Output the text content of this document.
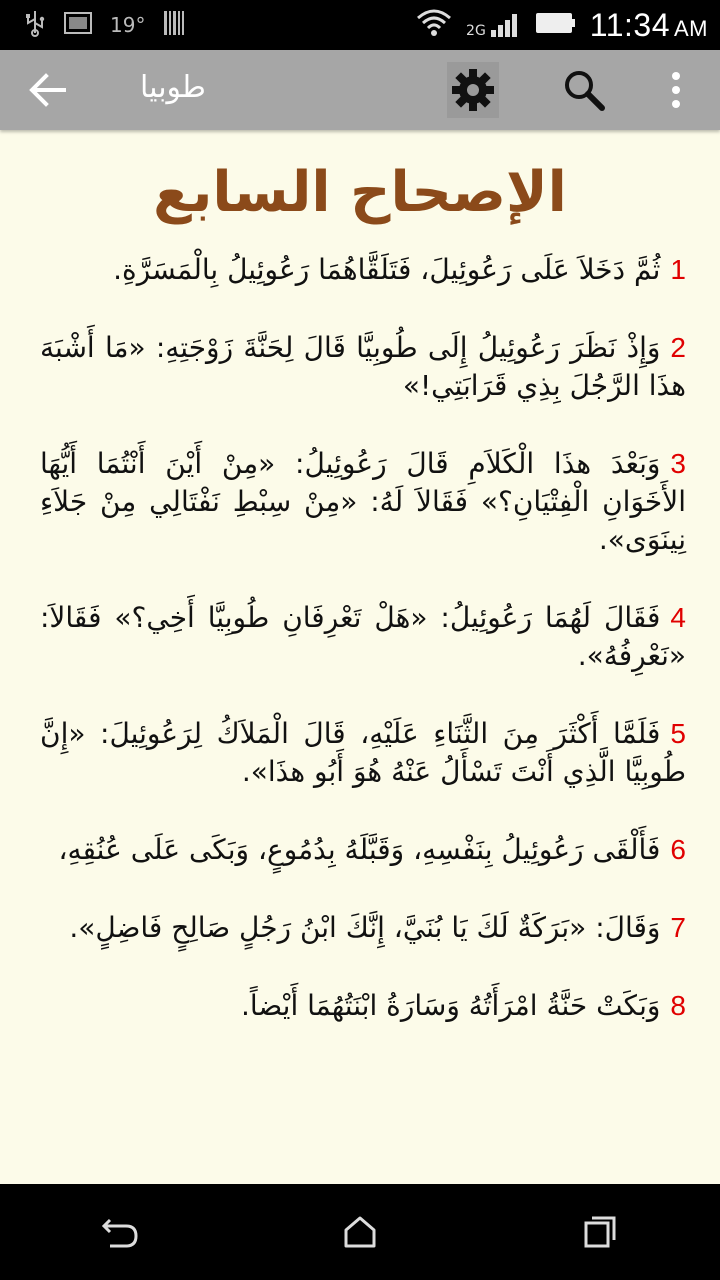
19°	2G	11:34 AM
طوبيا
الإصحاح السابع

1ثُمَّ دَخَلاَ عَلَى رَعُوئِيلَ، فَتَلَقَّاهُمَا رَعُوئِيلُ بِالْمَسَرَّةِ.

2وَإِذْ نَظَرَ رَعُوئِيلُ إِلَى طُوبِيَّا قَالَ لِحَنَّةَ زَوْجَتِهِ: «مَا أَشْبَهَ هذَا الرَّجُلَ بِذِي قَرَابَتِي!»

3وَبَعْدَ هذَا الْكَلاَمِ قَالَ رَعُوئِيلُ: «مِنْ أَيْنَ أَنْتُمَا أَيُّهَا الأَخَوَانِ الْفِتْيَانِ؟» فَقَالاَ لَهُ: «مِنْ سِبْطِ نَفْتَالِي مِنْ جَلاَءِ نِينَوَى».

4فَقَالَ لَهُمَا رَعُوئِيلُ: «هَلْ تَعْرِفَانِ طُوبِيَّا أَخِي؟» فَقَالاَ: «نَعْرِفُهُ».

5فَلَمَّا أَكْثَرَ مِنَ الثَّنَاءِ عَلَيْهِ، قَالَ الْمَلاَكُ لِرَعُوئِيلَ: «إِنَّ طُوبِيَّا الَّذِي أَنْتَ تَسْأَلُ عَنْهُ هُوَ أَبُو هذَا».

6فَأَلْقَى رَعُوئِيلُ بِنَفْسِهِ، وَقَبَّلَهُ بِدُمُوعٍ، وَبَكَى عَلَى عُنُقِهِ،

7وَقَالَ: «بَرَكَةٌ لَكَ يَا بُنَيَّ، إِنَّكَ ابْنُ رَجُلٍ صَالِحٍ فَاضِلٍ».

8وَبَكَتْ حَنَّةُ امْرَأَتُهُ وَسَارَةُ ابْنَتُهُمَا أَيْضاً.
